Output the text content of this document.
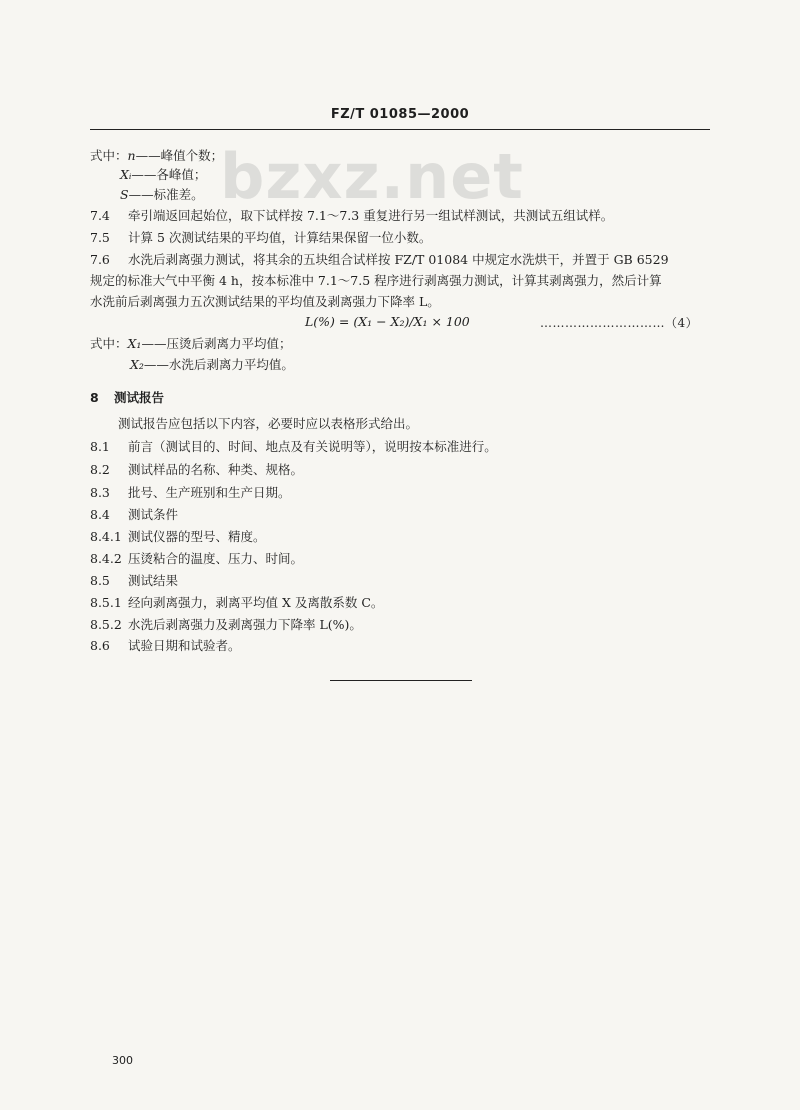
FZ/T 01085—2000
bzxz.net
式中：n——峰值个数；
Xᵢ——各峰值；
S——标准差。
7.4 牵引端返回起始位，取下试样按 7.1～7.3 重复进行另一组试样测试，共测试五组试样。
7.5 计算 5 次测试结果的平均值，计算结果保留一位小数。
7.6 水洗后剥离强力测试，将其余的五块组合试样按 FZ/T 01084 中规定水洗烘干，并置于 GB 6529
规定的标准大气中平衡 4 h，按本标准中 7.1～7.5 程序进行剥离强力测试，计算其剥离强力，然后计算
水洗前后剥离强力五次测试结果的平均值及剥离强力下降率 L。
L(%) = (X₁ − X₂)/X₁ × 100	…………………………（4）
式中：X₁——压烫后剥离力平均值；
X₂——水洗后剥离力平均值。
8 测试报告
测试报告应包括以下内容，必要时应以表格形式给出。
8.1 前言（测试目的、时间、地点及有关说明等），说明按本标准进行。
8.2 测试样品的名称、种类、规格。
8.3 批号、生产班别和生产日期。
8.4 测试条件
8.4.1 测试仪器的型号、精度。
8.4.2 压烫粘合的温度、压力、时间。
8.5 测试结果
8.5.1 经向剥离强力，剥离平均值 X 及离散系数 C。
8.5.2 水洗后剥离强力及剥离强力下降率 L(%)。
8.6 试验日期和试验者。
300
